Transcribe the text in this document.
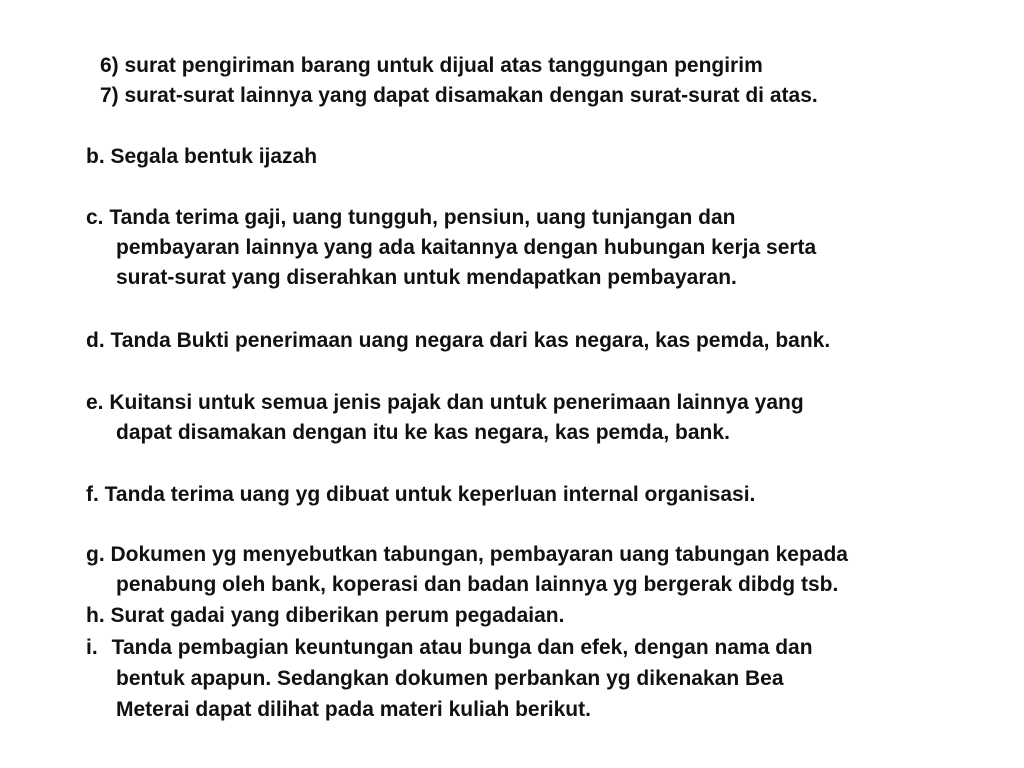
6) surat pengiriman barang untuk dijual atas tanggungan pengirim
7) surat-surat lainnya yang dapat disamakan dengan surat-surat di atas.
b. Segala bentuk ijazah
c. Tanda terima gaji, uang tungguh, pensiun, uang tunjangan dan
pembayaran lainnya yang ada kaitannya dengan hubungan kerja serta
surat-surat yang diserahkan untuk mendapatkan pembayaran.
d. Tanda Bukti penerimaan uang negara dari kas negara, kas pemda, bank.
e. Kuitansi untuk semua jenis pajak dan untuk penerimaan lainnya yang
dapat disamakan dengan itu ke kas negara, kas pemda, bank.
f. Tanda terima uang yg dibuat untuk keperluan internal organisasi.
g. Dokumen yg menyebutkan tabungan, pembayaran uang tabungan kepada
penabung oleh bank, koperasi dan badan lainnya yg bergerak dibdg tsb.
h. Surat gadai yang diberikan perum pegadaian.
i. Tanda pembagian keuntungan atau bunga dan efek, dengan nama dan
bentuk apapun. Sedangkan dokumen perbankan yg dikenakan Bea
Meterai dapat dilihat pada materi kuliah berikut.
